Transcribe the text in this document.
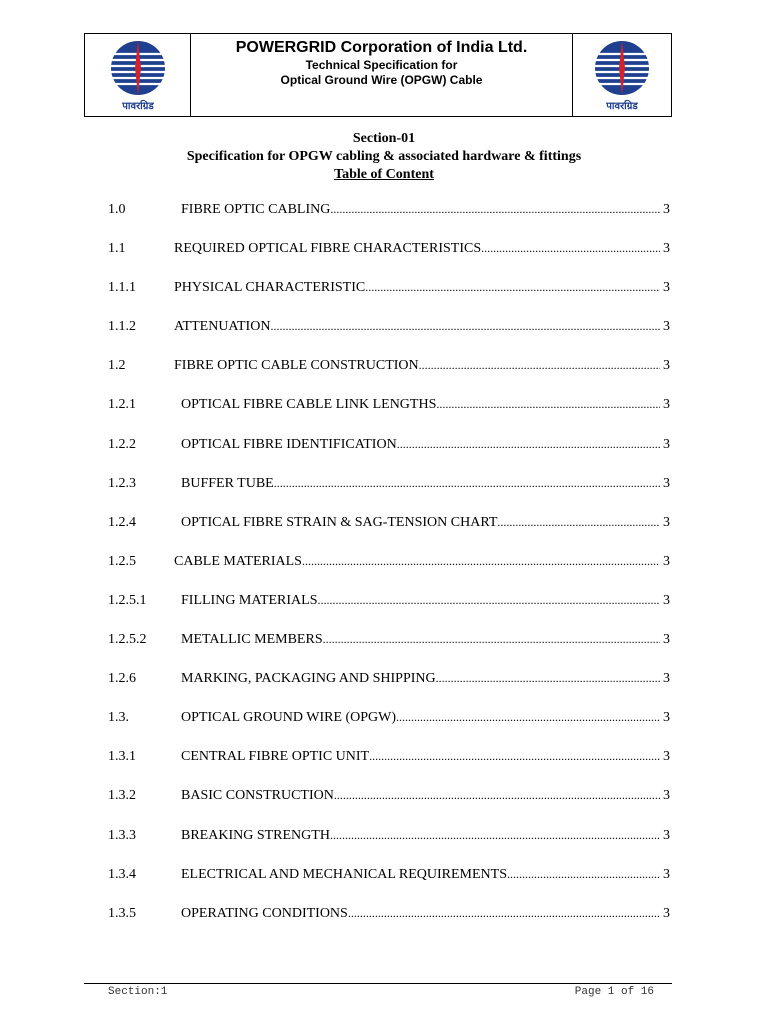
पावरग्रिड
POWERGRID Corporation of India Ltd.
Technical Specification for
Optical Ground Wire (OPGW) Cable
पावरग्रिड
Section-01
Specification for OPGW cabling & associated hardware & fittings
Table of Content
1.0	FIBRE OPTIC CABLING .....	3
1.1	REQUIRED OPTICAL FIBRE CHARACTERISTICS .....	3
1.1.1	PHYSICAL CHARACTERISTIC .....	3
1.1.2	ATTENUATION .....	3
1.2	FIBRE OPTIC CABLE CONSTRUCTION .....	3
1.2.1	OPTICAL FIBRE CABLE LINK LENGTHS .....	3
1.2.2	OPTICAL FIBRE IDENTIFICATION .....	3
1.2.3	BUFFER TUBE .....	3
1.2.4	OPTICAL FIBRE STRAIN & SAG-TENSION CHART .....	3
1.2.5	CABLE MATERIALS .....	3
1.2.5.1 FILLING MATERIALS .....	3
1.2.5.2 METALLIC MEMBERS .....	3
1.2.6	MARKING, PACKAGING AND SHIPPING .....	3
1.3.	OPTICAL GROUND WIRE (OPGW) .....	3
1.3.1	CENTRAL FIBRE OPTIC UNIT .....	3
1.3.2	BASIC CONSTRUCTION .....	3
1.3.3	BREAKING STRENGTH .....	3
1.3.4	ELECTRICAL AND MECHANICAL REQUIREMENTS .....	3
1.3.5	OPERATING CONDITIONS .....	3
Section:1	Page 1 of 16
